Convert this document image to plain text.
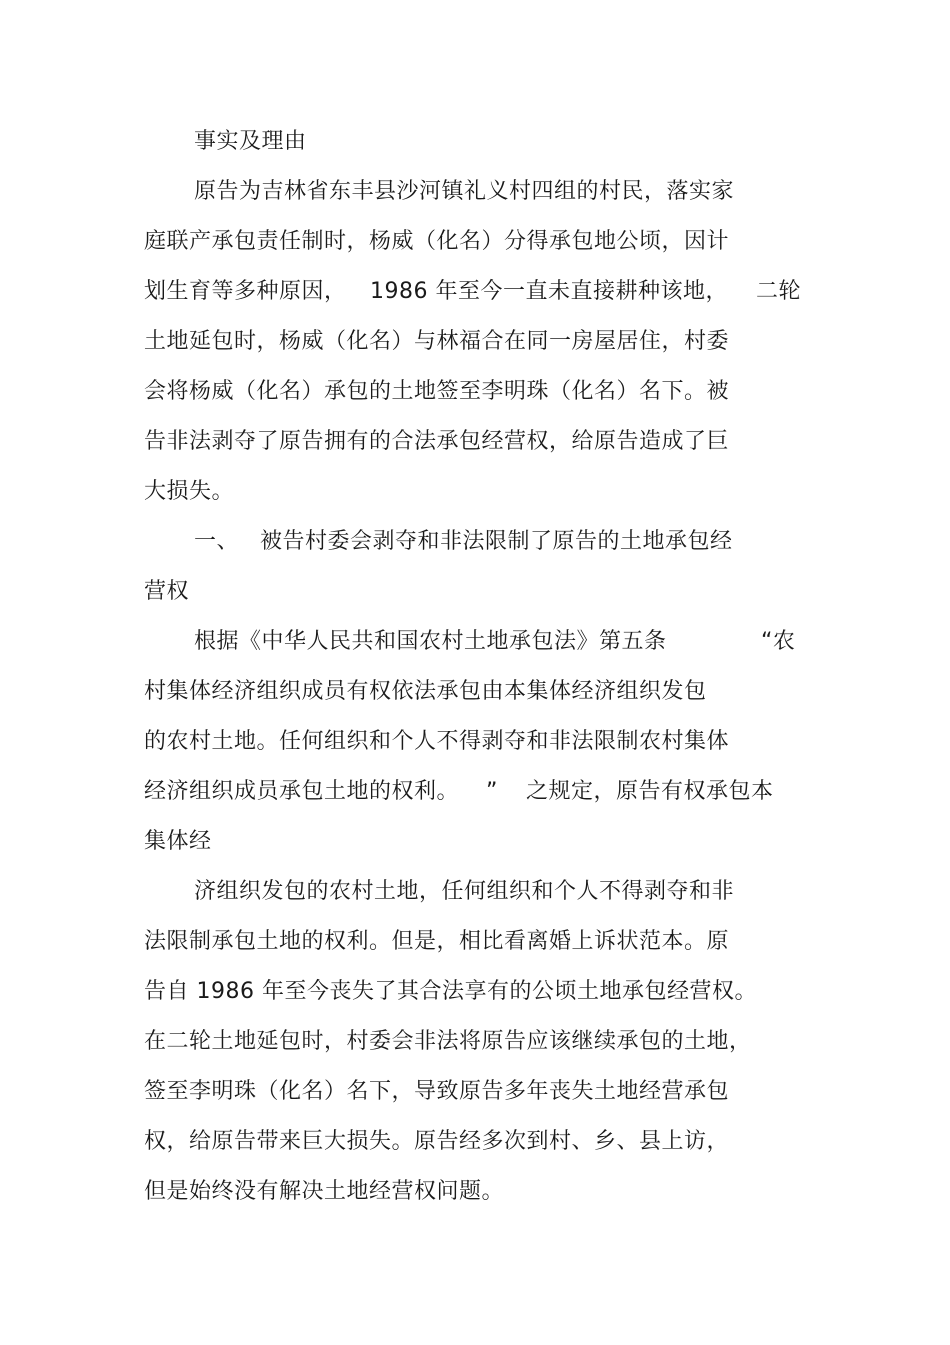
事实及理由
原告为吉林省东丰县沙河镇礼义村四组的村民，落实家
庭联产承包责任制时，杨威（化名）分得承包地公顷，因计
划生育等多种原因， 1986 年至今一直未直接耕种该地， 二轮
土地延包时，杨威（化名）与林福合在同一房屋居住，村委
会将杨威（化名）承包的土地签至李明珠（化名）名下。被
告非法剥夺了原告拥有的合法承包经营权，给原告造成了巨
大损失。
一、 被告村委会剥夺和非法限制了原告的土地承包经
营权
根据《中华人民共和国农村土地承包法》第五条	“农
村集体经济组织成员有权依法承包由本集体经济组织发包
的农村土地。任何组织和个人不得剥夺和非法限制农村集体
经济组织成员承包土地的权利。 ” 之规定，原告有权承包本
集体经
济组织发包的农村土地，任何组织和个人不得剥夺和非
法限制承包土地的权利。但是，相比看离婚上诉状范本。原
告自 1986 年至今丧失了其合法享有的公顷土地承包经营权。
在二轮土地延包时，村委会非法将原告应该继续承包的土地，
签至李明珠（化名）名下，导致原告多年丧失土地经营承包
权，给原告带来巨大损失。原告经多次到村、乡、县上访，
但是始终没有解决土地经营权问题。
